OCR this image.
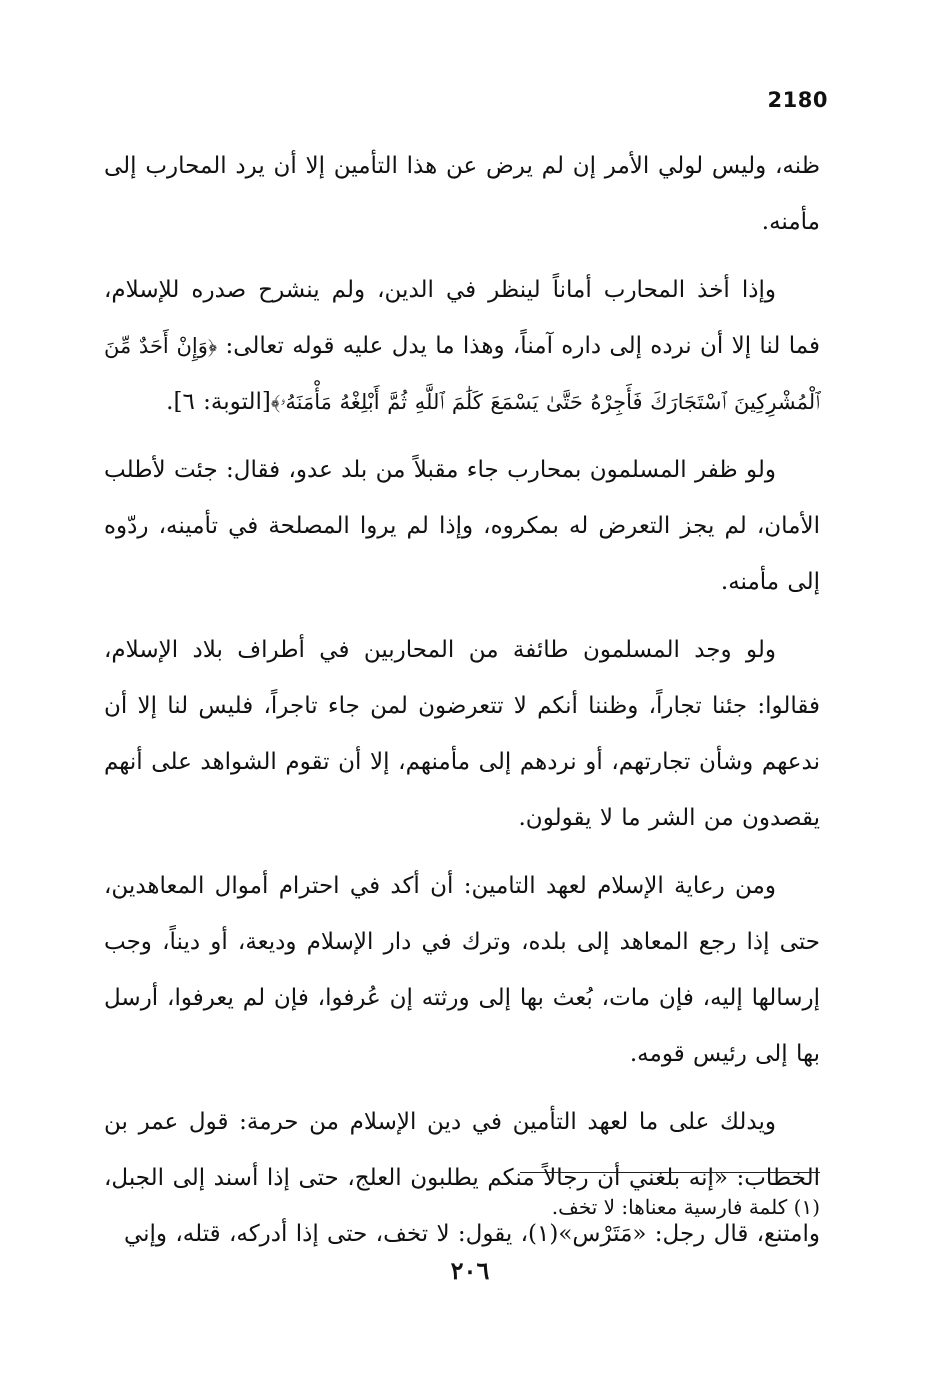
2180

ظنه، وليس لولي الأمر إن لم يرض عن هذا التأمين إلا أن يرد المحارب إلى مأمنه.

وإذا أخذ المحارب أماناً لينظر في الدين، ولم ينشرح صدره للإسلام، فما لنا إلا أن نرده إلى داره آمناً، وهذا ما يدل عليه قوله تعالى: ﴿وَإِنْ أَحَدٌ مِّنَ ٱلْمُشْرِكِينَ ٱسْتَجَارَكَ فَأَجِرْهُ حَتَّىٰ يَسْمَعَ كَلَٰمَ ٱللَّهِ ثُمَّ أَبْلِغْهُ مَأْمَنَهُۥ﴾[التوبة: ٦].

ولو ظفر المسلمون بمحارب جاء مقبلاً من بلد عدو، فقال: جئت لأطلب الأمان، لم يجز التعرض له بمكروه، وإذا لم يروا المصلحة في تأمينه، ردّوه إلى مأمنه.

ولو وجد المسلمون طائفة من المحاربين في أطراف بلاد الإسلام، فقالوا: جئنا تجاراً، وظننا أنكم لا تتعرضون لمن جاء تاجراً، فليس لنا إلا أن ندعهم وشأن تجارتهم، أو نردهم إلى مأمنهم، إلا أن تقوم الشواهد على أنهم يقصدون من الشر ما لا يقولون.

ومن رعاية الإسلام لعهد التامين: أن أكد في احترام أموال المعاهدين، حتى إذا رجع المعاهد إلى بلده، وترك في دار الإسلام وديعة، أو ديناً، وجب إرسالها إليه، فإن مات، بُعث بها إلى ورثته إن عُرفوا، فإن لم يعرفوا، أرسل بها إلى رئيس قومه.

ويدلك على ما لعهد التأمين في دين الإسلام من حرمة: قول عمر بن الخطاب: «إنه بلغني أن رجالاً منكم يطلبون العلج، حتى إذا أسند إلى الجبل، وامتنع، قال رجل: «مَتَرْس»(١)، يقول: لا تخف، حتى إذا أدركه، قتله، وإني

(١) كلمة فارسية معناها: لا تخف.
٢٠٦
